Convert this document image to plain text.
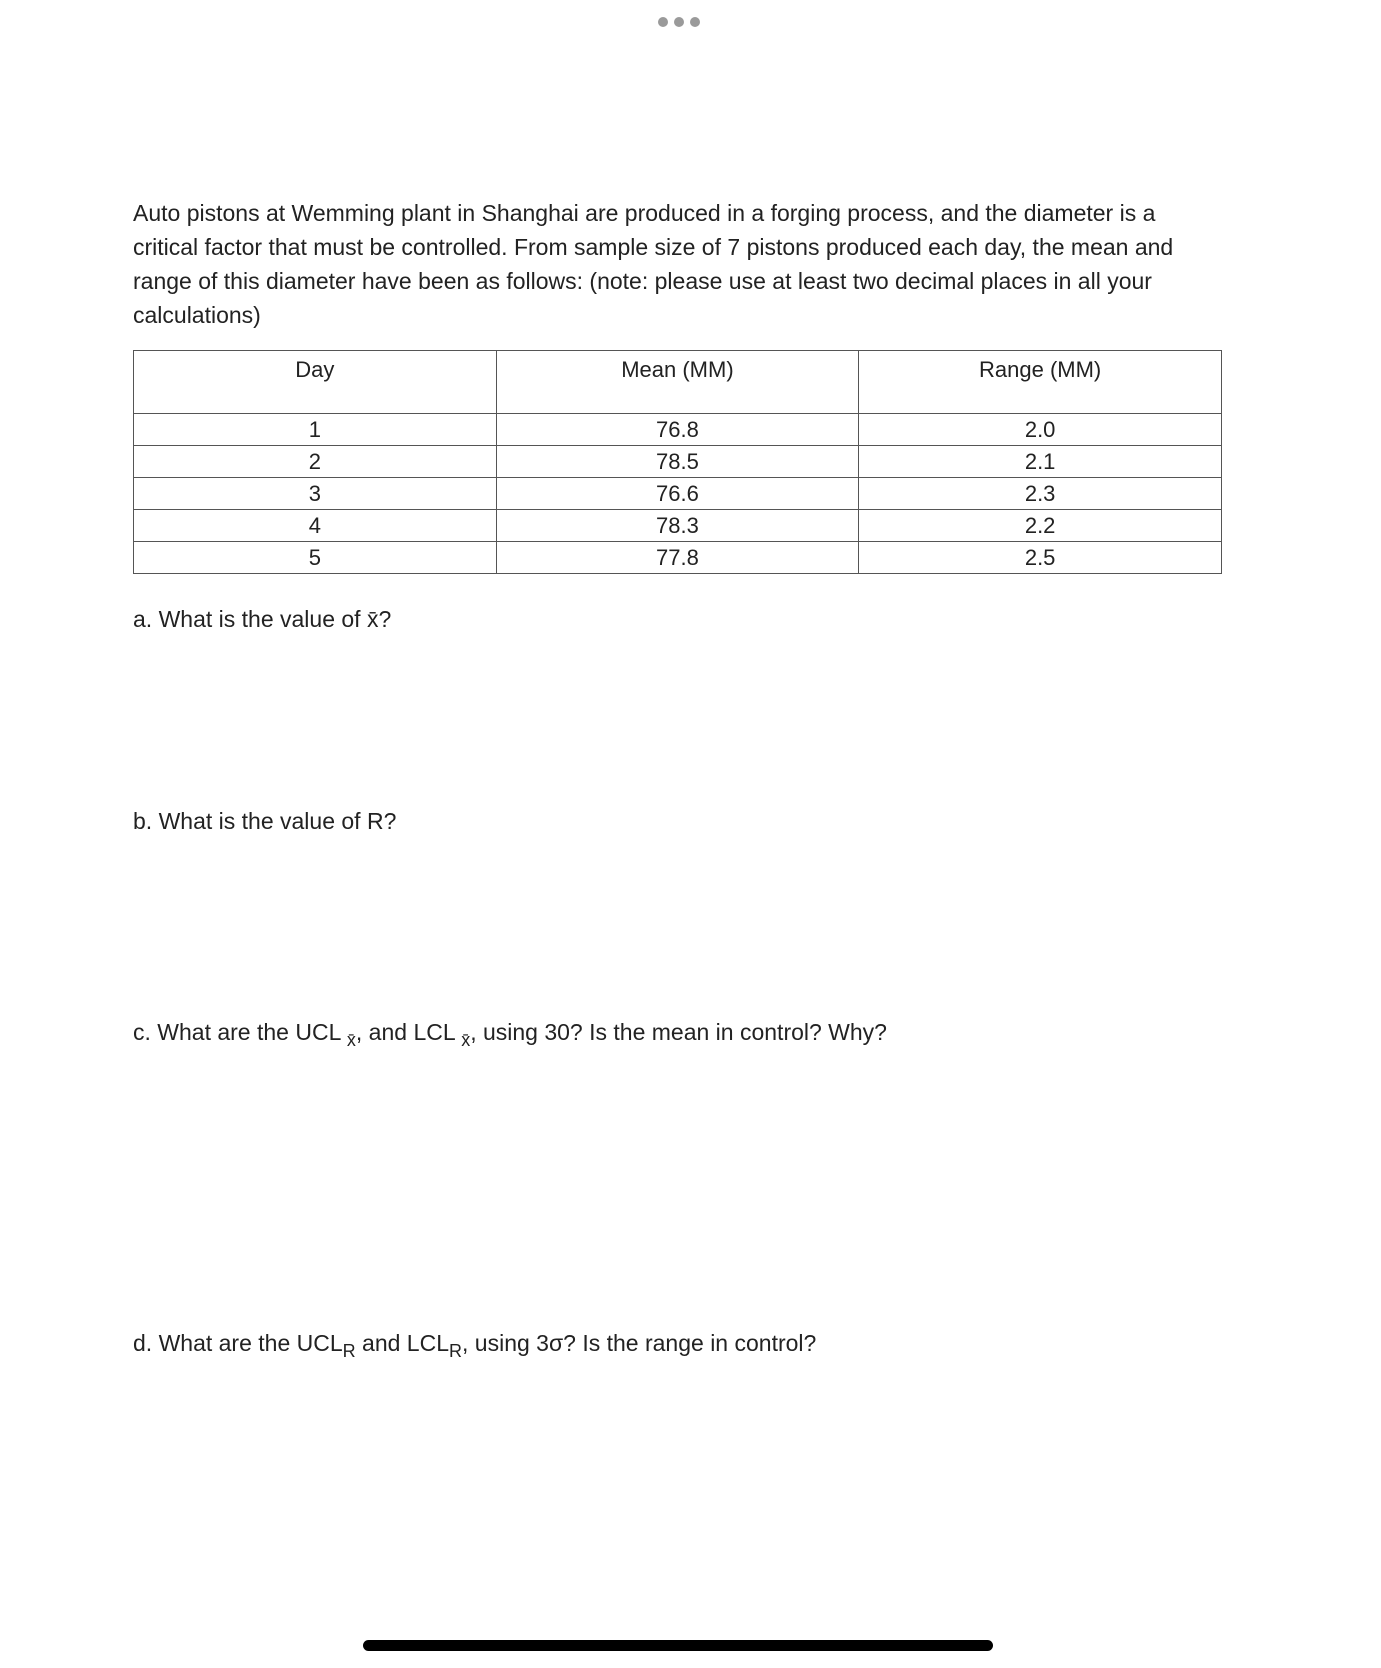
Auto pistons at Wemming plant in Shanghai are produced in a forging process, and the diameter is a critical factor that must be controlled. From sample size of 7 pistons produced each day, the mean and range of this diameter have been as follows: (note: please use at least two decimal places in all your calculations)

Day	Mean (MM)	Range (MM)
1	76.8	2.0
2	78.5	2.1
3	76.6	2.3
4	78.3	2.2
5	77.8	2.5

a. What is the value of x̄?

b. What is the value of R?

c. What are the UCL $_{x̄}$, and LCL $_{x̄}$, using 30? Is the mean in control? Why?

d. What are the $UCL_R$ and $LCL_R$, using 3σ? Is the range in control?
